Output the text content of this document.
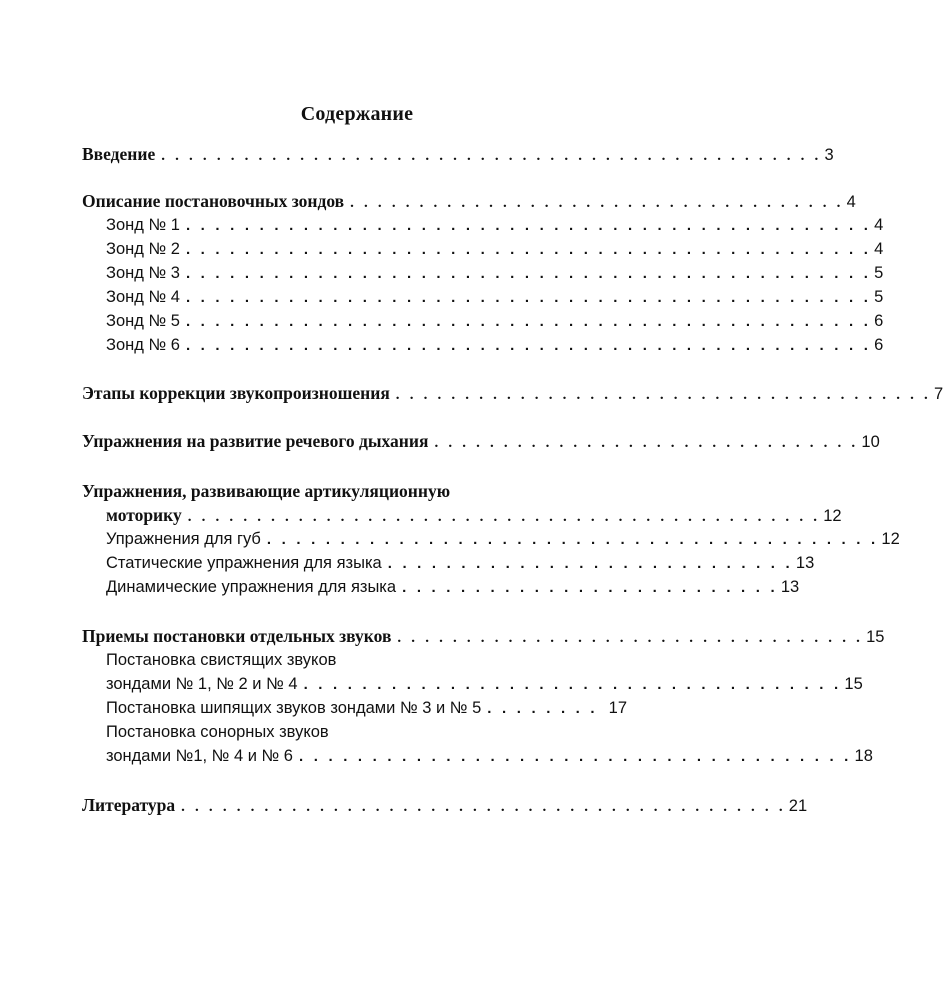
Содержание
Введение . . . . . . . . . . . . . . . . . . . . . . . . . . . . . . . . . . . . . . . . . . . . . . . . 3
Описание постановочных зондов . . . . . . . . . . . . . . . . . . . . . . . . . . . . . . . . . . . . 4
Зонд № 1 . . . . . . . . . . . . . . . . . . . . . . . . . . . . . . . . . . . . . . . . . . . . . . . 4
Зонд № 2 . . . . . . . . . . . . . . . . . . . . . . . . . . . . . . . . . . . . . . . . . . . . . . . 4
Зонд № 3 . . . . . . . . . . . . . . . . . . . . . . . . . . . . . . . . . . . . . . . . . . . . . . . 5
Зонд № 4 . . . . . . . . . . . . . . . . . . . . . . . . . . . . . . . . . . . . . . . . . . . . . . . 5
Зонд № 5 . . . . . . . . . . . . . . . . . . . . . . . . . . . . . . . . . . . . . . . . . . . . . . . 6
Зонд № 6 . . . . . . . . . . . . . . . . . . . . . . . . . . . . . . . . . . . . . . . . . . . . . . . 6
Этапы коррекции звукопроизношения . . . . . . . . . . . . . . . . . . . . . . . . . . . . . . . . . . . . . . . 7
Упражнения на развитие речевого дыхания . . . . . . . . . . . . . . . . . . . . . . . . . . . . . . . 10
Упражнения, развивающие артикуляционную
моторику . . . . . . . . . . . . . . . . . . . . . . . . . . . . . . . . . . . . . . . . . . . . . . 12
Упражнения для губ . . . . . . . . . . . . . . . . . . . . . . . . . . . . . . . . . . . . . . . . . . 12
Статические упражнения для языка . . . . . . . . . . . . . . . . . . . . . . . . . . . . 13
Динамические упражнения для языка . . . . . . . . . . . . . . . . . . . . . . . . . . 13
Приемы постановки отдельных звуков . . . . . . . . . . . . . . . . . . . . . . . . . . . . . . . . . . 15
Постановка свистящих звуков
зондами № 1, № 2 и № 4 . . . . . . . . . . . . . . . . . . . . . . . . . . . . . . . . . . . . . 15
Постановка шипящих звуков зондами № 3 и № 5 . . . . . . . . 17
Постановка сонорных звуков
зондами №1, № 4 и № 6 . . . . . . . . . . . . . . . . . . . . . . . . . . . . . . . . . . . . . . 18
Литература . . . . . . . . . . . . . . . . . . . . . . . . . . . . . . . . . . . . . . . . . . . . 21
